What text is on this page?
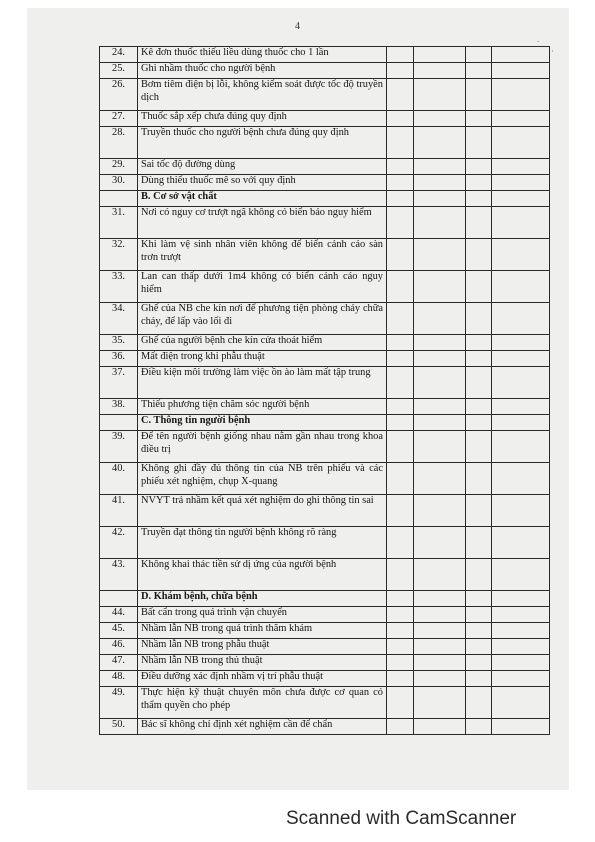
4
.
·
24.	Kê đơn thuốc thiếu liều dùng thuốc cho 1 lần				
25.	Ghi nhầm thuốc cho người bệnh				
26.	Bơm tiêm điện bị lỗi, không kiểm soát được tốc độ truyền dịch				
27.	Thuốc sắp xếp chưa đúng quy định				
28.	Truyền thuốc cho người bệnh chưa đúng quy định				
29.	Sai tốc độ đường dùng				
30.	Dùng thiếu thuốc mê so với quy định				
	B. Cơ sở vật chất				
31.	Nơi có nguy cơ trượt ngã không có biển báo nguy hiểm				
32.	Khi làm vệ sinh nhân viên không để biển cảnh cáo sàn trơn trượt				
33.	Lan can thấp dưới 1m4 không có biển cảnh cáo nguy hiểm				
34.	Ghế của NB che kín nơi để phương tiện phòng cháy chữa cháy, để lấp vào lối đi				
35.	Ghế của người bệnh che kín cửa thoát hiểm				
36.	Mất điện trong khi phẫu thuật				
37.	Điều kiện môi trường làm việc ồn ào làm mất tập trung				
38.	Thiếu phương tiện chăm sóc người bệnh				
	C. Thông tin người bệnh				
39.	Để tên người bệnh giống nhau nằm gần nhau trong khoa điều trị				
40.	Không ghi đầy đủ thông tin của NB trên phiếu và các phiếu xét nghiệm, chụp X-quang				
41.	NVYT trả nhầm kết quả xét nghiệm do ghi thông tin sai				
42.	Truyền đạt thông tin người bệnh không rõ ràng				
43.	Không khai thác tiền sử dị ứng của người bệnh				
	D. Khám bệnh, chữa bệnh				
44.	Bất cẩn trong quá trình vận chuyển				
45.	Nhầm lẫn NB trong quá trình thăm khám				
46.	Nhầm lẫn NB trong phẫu thuật				
47.	Nhầm lẫn NB trong thủ thuật				
48.	Điều dưỡng xác định nhầm vị trí phẫu thuật				
49.	Thực hiện kỹ thuật chuyên môn chưa được cơ quan có thẩm quyền cho phép				
50.	Bác sĩ không chỉ định xét nghiệm cần để chẩn				
Scanned with CamScanner
